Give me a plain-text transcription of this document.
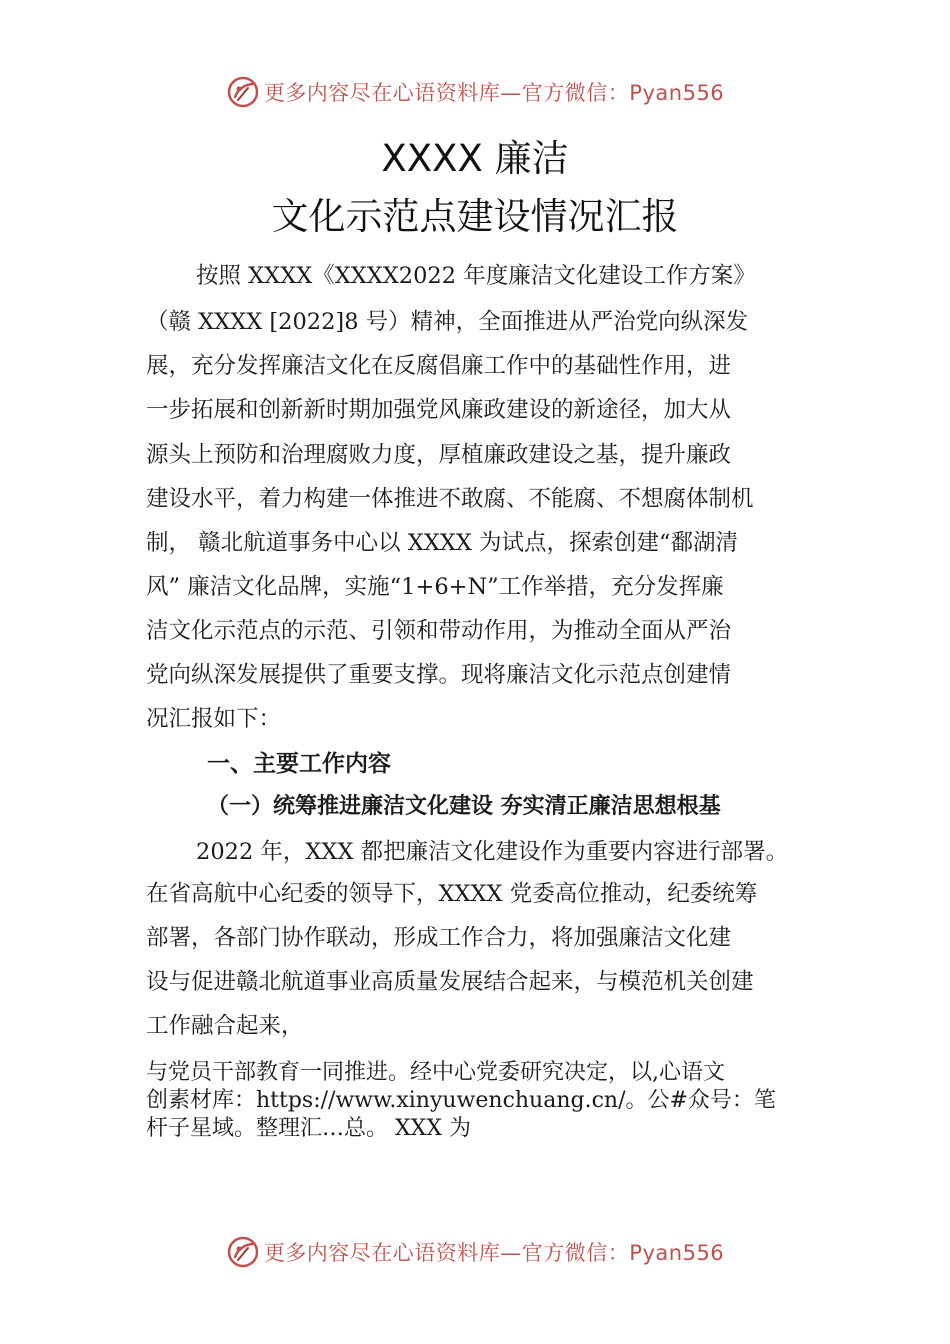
更多内容尽在心语资料库—官方微信：Pyan556
XXXX 廉洁
文化示范点建设情况汇报
按照 XXXX《XXXX2022 年度廉洁文化建设工作方案》
（赣 XXXX [2022]8 号）精神，全面推进从严治党向纵深发
展，充分发挥廉洁文化在反腐倡廉工作中的基础性作用，进
一步拓展和创新新时期加强党风廉政建设的新途径，加大从
源头上预防和治理腐败力度，厚植廉政建设之基，提升廉政
建设水平，着力构建一体推进不敢腐、不能腐、不想腐体制机
制， 赣北航道事务中心以 XXXX 为试点，探索创建“鄱湖清
风” 廉洁文化品牌，实施“1+6+N”工作举措，充分发挥廉
洁文化示范点的示范、引领和带动作用，为推动全面从严治
党向纵深发展提供了重要支撑。现将廉洁文化示范点创建情
况汇报如下：
一、主要工作内容
（一）统筹推进廉洁文化建设 夯实清正廉洁思想根基
2022 年，XXX 都把廉洁文化建设作为重要内容进行部署。
在省高航中心纪委的领导下，XXXX 党委高位推动，纪委统筹
部署，各部门协作联动，形成工作合力，将加强廉洁文化建
设与促进赣北航道事业高质量发展结合起来，与模范机关创建
工作融合起来，
与党员干部教育一同推进。经中心党委研究决定，以,心语文
创素材库：https://www.xinyuwenchuang.cn/。公#众号：笔
杆子星域。整理汇…总。 XXX 为
更多内容尽在心语资料库—官方微信：Pyan556
